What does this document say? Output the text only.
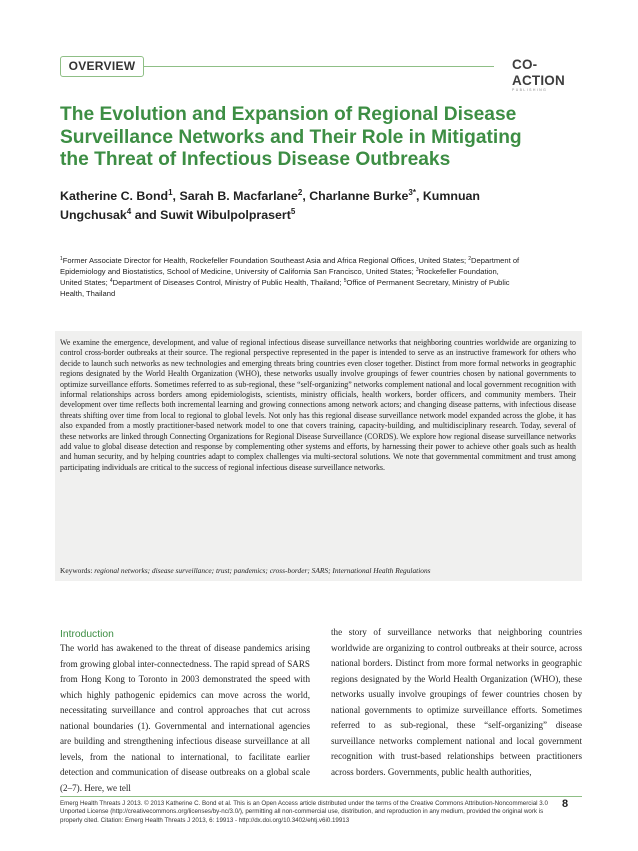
OVERVIEW	CO-ACTION
PUBLISHING
The Evolution and Expansion of Regional Disease Surveillance Networks and Their Role in Mitigating the Threat of Infectious Disease Outbreaks

Katherine C. Bond$^1$, Sarah B. Macfarlane$^2$, Charlanne Burke$^{3*}$, Kumnuan Ungchusak$^4$ and Suwit Wibulpolprasert$^5$

$^1$Former Associate Director for Health, Rockefeller Foundation Southeast Asia and Africa Regional Offices, United States; $^2$Department of Epidemiology and Biostatistics, School of Medicine, University of California San Francisco, United States; $^3$Rockefeller Foundation, United States; $^4$Department of Diseases Control, Ministry of Public Health, Thailand; $^5$Office of Permanent Secretary, Ministry of Public Health, Thailand

We examine the emergence, development, and value of regional infectious disease surveillance networks that neighboring countries worldwide are organizing to control cross-border outbreaks at their source. The regional perspective represented in the paper is intended to serve as an instructive framework for others who decide to launch such networks as new technologies and emerging threats bring countries even closer together. Distinct from more formal networks in geographic regions designated by the World Health Organization (WHO), these networks usually involve groupings of fewer countries chosen by national governments to optimize surveillance efforts. Sometimes referred to as sub-regional, these “self-organizing” networks complement national and local government recognition with informal relationships across borders among epidemiologists, scientists, ministry officials, health workers, border officers, and community members. Their development over time reflects both incremental learning and growing connections among network actors; and changing disease patterns, with infectious disease threats shifting over time from local to regional to global levels. Not only has this regional disease surveillance network model expanded across the globe, it has also expanded from a mostly practitioner-based network model to one that covers training, capacity-building, and multidisciplinary research. Today, several of these networks are linked through Connecting Organizations for Regional Disease Surveillance (CORDS). We explore how regional disease surveillance networks add value to global disease detection and response by complementing other systems and efforts, by harnessing their power to achieve other goals such as health and human security, and by helping countries adapt to complex challenges via multi-sectoral solutions. We note that governmental commitment and trust among participating individuals are critical to the success of regional infectious disease surveillance networks.

Keywords: regional networks; disease surveillance; trust; pandemics; cross-border; SARS; International Health Regulations

Introduction

The world has awakened to the threat of disease pandemics arising from growing global inter-connectedness. The rapid spread of SARS from Hong Kong to Toronto in 2003 demonstrated the speed with which highly pathogenic epidemics can move across the world, necessitating surveillance and control approaches that cut across national boundaries (1). Governmental and international agencies are building and strengthening infectious disease surveillance at all levels, from the national to international, to facilitate earlier detection and communication of disease outbreaks on a global scale (2–7). Here, we tell

the story of surveillance networks that neighboring countries worldwide are organizing to control outbreaks at their source, across national borders. Distinct from more formal networks in geographic regions designated by the World Health Organization (WHO), these networks usually involve groupings of fewer countries chosen by national governments to optimize surveillance efforts. Sometimes referred to as sub-regional, these “self-organizing” disease surveillance networks complement national and local government recognition with trust-based relationships between practitioners across borders. Governments, public health authorities,

Emerg Health Threats J 2013. © 2013 Katherine C. Bond et al. This is an Open Access article distributed under the terms of the Creative Commons Attribution-Noncommercial 3.0 Unported License (http://creativecommons.org/licenses/by-nc/3.0/), permitting all non-commercial use, distribution, and reproduction in any medium, provided the original work is properly cited. Citation: Emerg Health Threats J 2013, 6: 19913 - http://dx.doi.org/10.3402/ehtj.v6i0.19913

8
